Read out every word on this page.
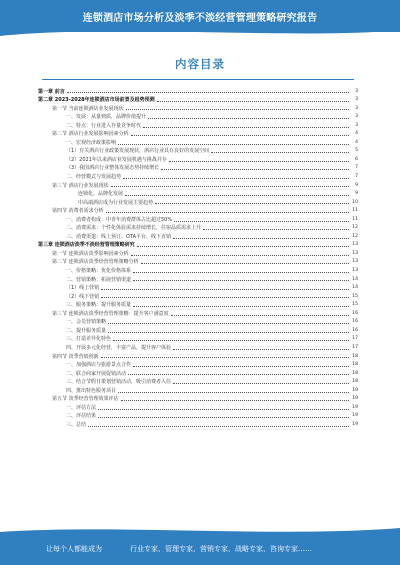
连锁酒店市场分析及淡季不淡经营管理策略研究报告
内容目录
第一章 前言	3
第二章 2023-2028年连锁酒店市场前景及趋势预测	3
第一节 当前连锁酒店业发展现状	3
一、发展：从量到质，品牌价值提升	3
二、特点：行业进入存量竞争时代	3
第二节 酒店行业发展影响因素分析	4
一、宏观经济政策影响	4
（1）有关酒店行业政策发展现状，酒店行业具有良好的发展空间	5
（2）2021年以来酒店业发展机遇与挑战并存	6
（3）我国酒店行业整体发展态势持续增长	7
二、经营模式与发展趋势	7
第三节 酒店行业发展现状	9
连锁化、品牌化发展	9
中高端酒店成为行业发展主要趋势	10
第四节 消费者需求分析	11
一、消费者构成：中青年消费群体占比超过50%	11
二、消费需求：个性化体验需求持续增长，住宿品质需求上升	12
三、消费渠道：线上预订、OTA平台、线下直销	12
第三章 连锁酒店淡季不淡经营管理策略研究	13
第一节 连锁酒店淡季影响因素分析	13
第二节 连锁酒店淡季经营管理策略分析	13
一、价格策略：优化价格体系	13
二、营销策略：拓展营销渠道	14
（1）线上营销	14
（2）线下营销	15
三、服务策略：提升服务质量	15
第三节 连锁酒店淡季经营管理策略：提升客户满意度	16
一、会员营销策略	16
二、提升服务质量	16
三、打造差异化特色	17
四、开展多元化经营，丰富产品，提升客户体验	17
第四节 淡季营销创新	18
一、加强酒店与旅游景点合作	18
二、联合商家开展促销活动	18
三、结合节假日策划营销活动，吸引消费者入住	18
四、推出特色服务项目	19
第五节 淡季经营管理效果评估	19
一、评估方法	19
二、评估结果	19
三、总结	19
让每个人都能成为	行业专家、管理专家、营销专家、战略专家、咨询专家……
